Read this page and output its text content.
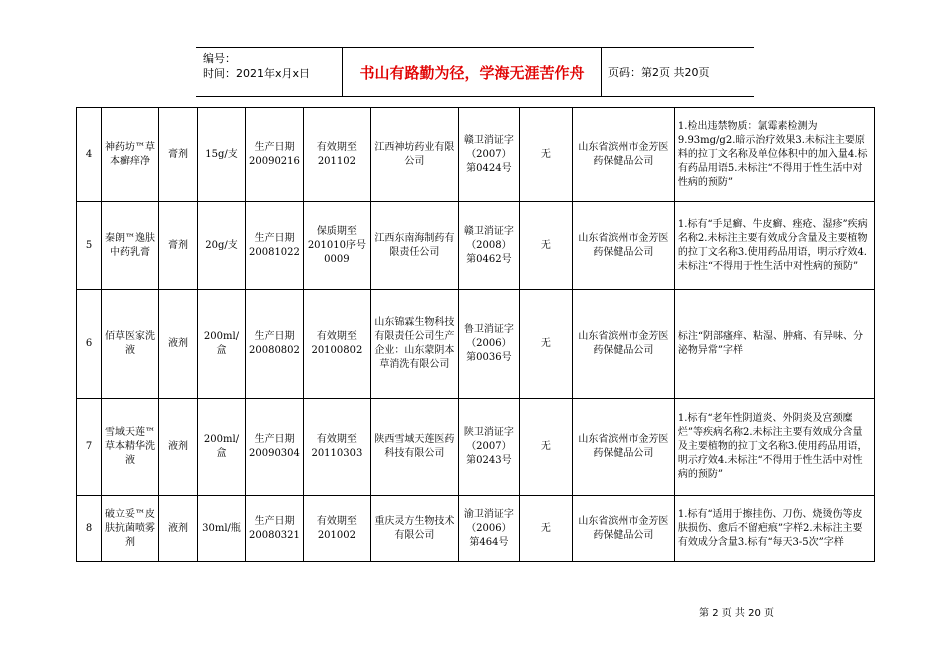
编号：
时间：2021年x月x日	书山有路勤为径，学海无涯苦作舟	页码：第2页 共20页
4	神药坊™草本癣痒净	膏剂	15g/支	生产日期20090216	有效期至201102	江西神坊药业有限公司	赣卫消证字（2007）第0424号	无	山东省滨州市金芳医药保健品公司	1.检出违禁物质：氯霉素检测为9.93mg/g2.暗示治疗效果3.未标注主要原料的拉丁文名称及单位体积中的加入量4.标有药品用语5.未标注“不得用于性生活中对性病的预防”
5	秦朗™逸肤中药乳膏	膏剂	20g/支	生产日期20081022	保质期至201010序号0009	江西东南海制药有限责任公司	赣卫消证字（2008）第0462号	无	山东省滨州市金芳医药保健品公司	1.标有“手足癣、牛皮癣、痤疮、湿疹”疾病名称2.未标注主要有效成分含量及主要植物的拉丁文名称3.使用药品用语，明示疗效4.未标注“不得用于性生活中对性病的预防”
6	佰草医家洗液	液剂	200ml/盒	生产日期20080802	有效期至20100802	山东锦霖生物科技有限责任公司生产企业：山东蒙阴本草消洗有限公司	鲁卫消证字（2006）第0036号	无	山东省滨州市金芳医药保健品公司	标注“阴部瘙痒、粘湿、肿痛、有异味、分泌物异常”字样
7	雪域天莲™草本精华洗液	液剂	200ml/盒	生产日期20090304	有效期至20110303	陕西雪域天莲医药科技有限公司	陕卫消证字（2007）第0243号	无	山东省滨州市金芳医药保健品公司	1.标有“老年性阴道炎、外阴炎及宫颈糜烂”等疾病名称2.未标注主要有效成分含量及主要植物的拉丁文名称3.使用药品用语，明示疗效4.未标注“不得用于性生活中对性病的预防”
8	破立妥™皮肤抗菌喷雾剂	液剂	30ml/瓶	生产日期20080321	有效期至201002	重庆灵方生物技术有限公司	渝卫消证字（2006）第464号	无	山东省滨州市金芳医药保健品公司	1.标有“适用于擦挂伤、刀伤、烧烫伤等皮肤损伤、愈后不留疤痕”字样2.未标注主要有效成分含量3.标有“每天3-5次”字样
第 2 页 共 20 页
